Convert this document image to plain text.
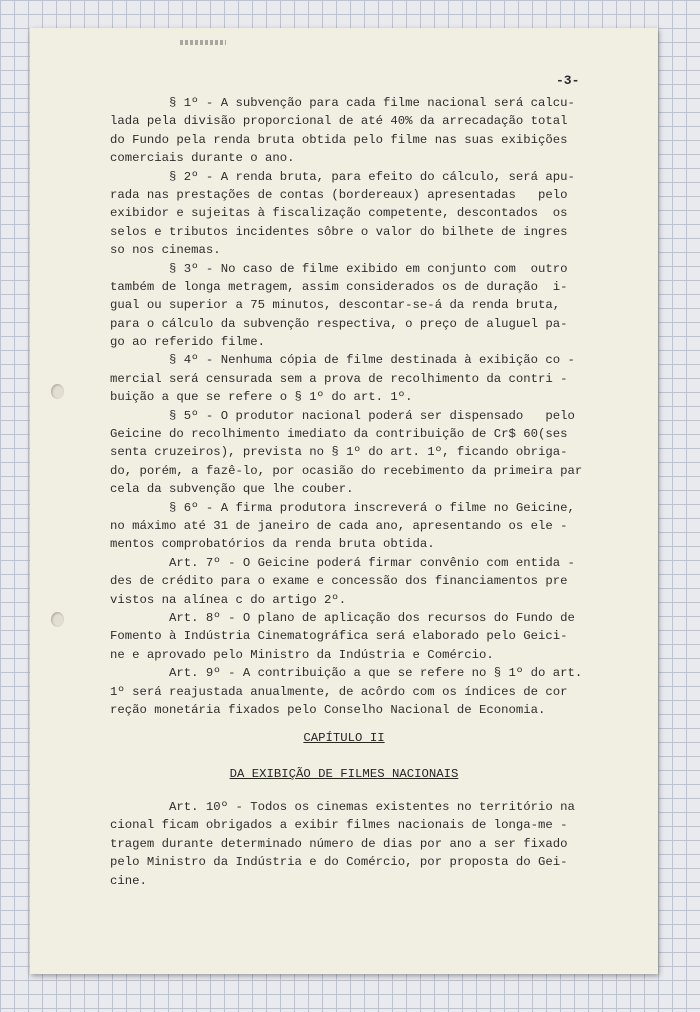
-3-
§ 1º - A subvenção para cada filme nacional será calcu-
lada pela divisão proporcional de até 40% da arrecadação total
do Fundo pela renda bruta obtida pelo filme nas suas exibições
comerciais durante o ano.
§ 2º - A renda bruta, para efeito do cálculo, será apu-
rada nas prestações de contas (bordereaux) apresentadas   pelo
exibidor e sujeitas à fiscalização competente, descontados  os
selos e tributos incidentes sôbre o valor do bilhete de ingres
so nos cinemas.
§ 3º - No caso de filme exibido em conjunto com  outro
também de longa metragem, assim considerados os de duração  i-
gual ou superior a 75 minutos, descontar-se-á da renda bruta,
para o cálculo da subvenção respectiva, o preço de aluguel pa-
go ao referido filme.
§ 4º - Nenhuma cópia de filme destinada à exibição co -
mercial será censurada sem a prova de recolhimento da contri -
buição a que se refere o § 1º do art. 1º.
§ 5º - O produtor nacional poderá ser dispensado   pelo
Geicine do recolhimento imediato da contribuição de Cr$ 60(ses
senta cruzeiros), prevista no § 1º do art. 1º, ficando obriga-
do, porém, a fazê-lo, por ocasião do recebimento da primeira par
cela da subvenção que lhe couber.
§ 6º - A firma produtora inscreverá o filme no Geicine,
no máximo até 31 de janeiro de cada ano, apresentando os ele -
mentos comprobatórios da renda bruta obtida.
Art. 7º - O Geicine poderá firmar convênio com entida -
des de crédito para o exame e concessão dos financiamentos pre
vistos na alínea c do artigo 2º.
Art. 8º - O plano de aplicação dos recursos do Fundo de
Fomento à Indústria Cinematográfica será elaborado pelo Geici-
ne e aprovado pelo Ministro da Indústria e Comércio.
Art. 9º - A contribuição a que se refere no § 1º do art.
1º será reajustada anualmente, de acôrdo com os índices de cor
reção monetária fixados pelo Conselho Nacional de Economia.
CAPÍTULO II
DA EXIBIÇÃO DE FILMES NACIONAIS
Art. 10º - Todos os cinemas existentes no território na
cional ficam obrigados a exibir filmes nacionais de longa-me -
tragem durante determinado número de dias por ano a ser fixado
pelo Ministro da Indústria e do Comércio, por proposta do Gei-
cine.
